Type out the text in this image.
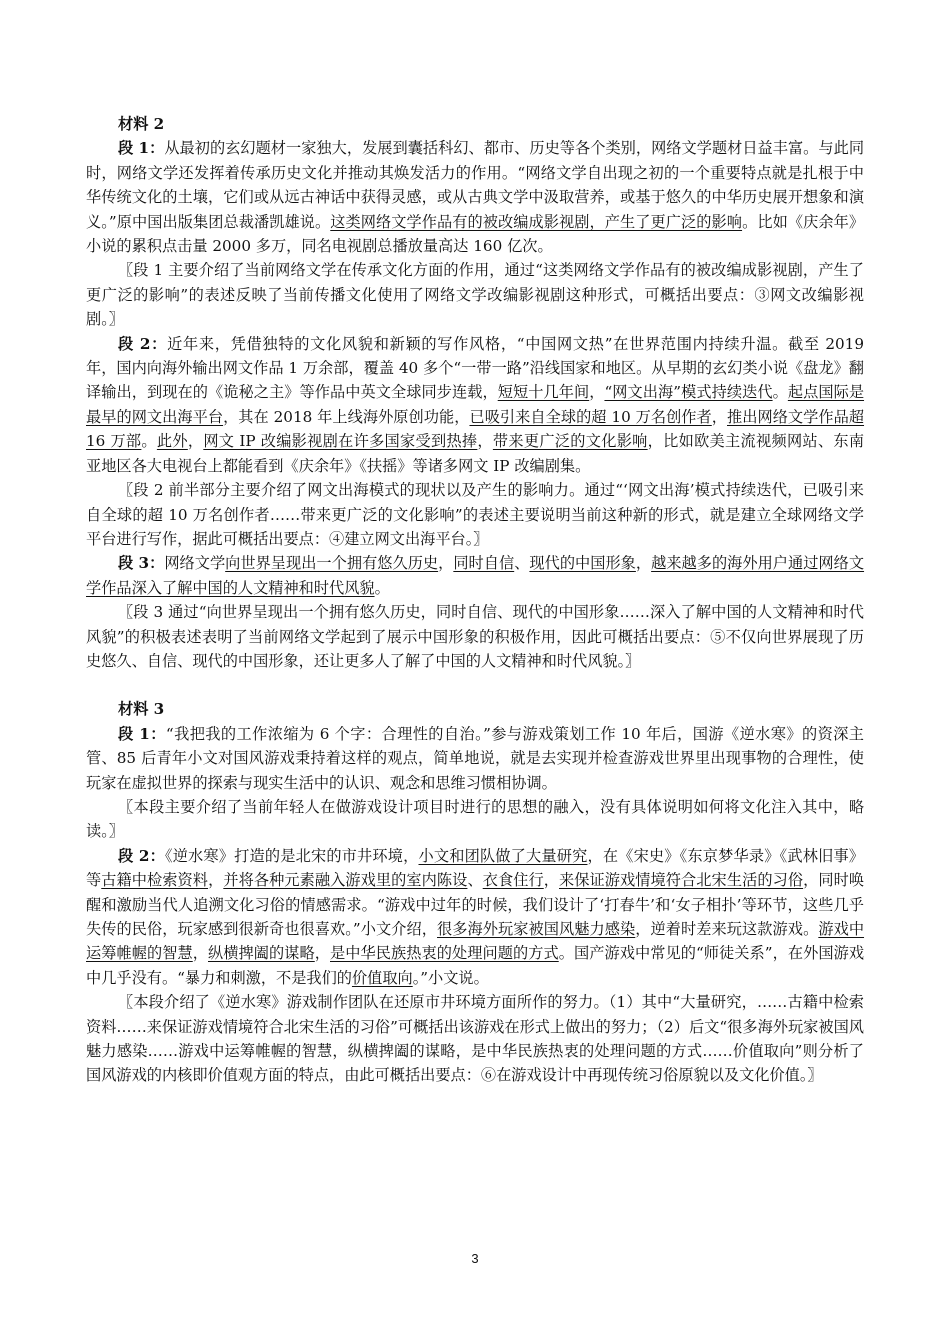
材料 2

段 1：从最初的玄幻题材一家独大，发展到囊括科幻、都市、历史等各个类别，网络文学题材日益丰富。与此同时，网络文学还发挥着传承历史文化并推动其焕发活力的作用。“网络文学自出现之初的一个重要特点就是扎根于中华传统文化的土壤，它们或从远古神话中获得灵感，或从古典文学中汲取营养，或基于悠久的中华历史展开想象和演义。”原中国出版集团总裁潘凯雄说。这类网络文学作品有的被改编成影视剧，产生了更广泛的影响。比如《庆余年》小说的累积点击量 2000 多万，同名电视剧总播放量高达 160 亿次。

〖段 1 主要介绍了当前网络文学在传承文化方面的作用，通过“这类网络文学作品有的被改编成影视剧，产生了更广泛的影响”的表述反映了当前传播文化使用了网络文学改编影视剧这种形式，可概括出要点：③网文改编影视剧。〗

段 2：近年来，凭借独特的文化风貌和新颖的写作风格，“中国网文热”在世界范围内持续升温。截至 2019 年，国内向海外输出网文作品 1 万余部，覆盖 40 多个“一带一路”沿线国家和地区。从早期的玄幻类小说《盘龙》翻译输出，到现在的《诡秘之主》等作品中英文全球同步连载，短短十几年间，“网文出海”模式持续迭代。起点国际是最早的网文出海平台，其在 2018 年上线海外原创功能，已吸引来自全球的超 10 万名创作者，推出网络文学作品超 16 万部。此外，网文 IP 改编影视剧在许多国家受到热捧，带来更广泛的文化影响，比如欧美主流视频网站、东南亚地区各大电视台上都能看到《庆余年》《扶摇》等诸多网文 IP 改编剧集。

〖段 2 前半部分主要介绍了网文出海模式的现状以及产生的影响力。通过“‘网文出海’模式持续迭代，已吸引来自全球的超 10 万名创作者……带来更广泛的文化影响”的表述主要说明当前这种新的形式，就是建立全球网络文学平台进行写作，据此可概括出要点：④建立网文出海平台。〗

段 3：网络文学向世界呈现出一个拥有悠久历史，同时自信、现代的中国形象，越来越多的海外用户通过网络文学作品深入了解中国的人文精神和时代风貌。

〖段 3 通过“向世界呈现出一个拥有悠久历史，同时自信、现代的中国形象……深入了解中国的人文精神和时代风貌”的积极表述表明了当前网络文学起到了展示中国形象的积极作用，因此可概括出要点：⑤不仅向世界展现了历史悠久、自信、现代的中国形象，还让更多人了解了中国的人文精神和时代风貌。〗

材料 3

段 1：“我把我的工作浓缩为 6 个字：合理性的自治。”参与游戏策划工作 10 年后，国游《逆水寒》的资深主管、85 后青年小文对国风游戏秉持着这样的观点，简单地说，就是去实现并检查游戏世界里出现事物的合理性，使玩家在虚拟世界的探索与现实生活中的认识、观念和思维习惯相协调。

〖本段主要介绍了当前年轻人在做游戏设计项目时进行的思想的融入，没有具体说明如何将文化注入其中，略读。〗

段 2：《逆水寒》打造的是北宋的市井环境，小文和团队做了大量研究，在《宋史》《东京梦华录》《武林旧事》等古籍中检索资料，并将各种元素融入游戏里的室内陈设、衣食住行，来保证游戏情境符合北宋生活的习俗，同时唤醒和激励当代人追溯文化习俗的情感需求。“游戏中过年的时候，我们设计了‘打春牛’和‘女子相扑’等环节，这些几乎失传的民俗，玩家感到很新奇也很喜欢。”小文介绍，很多海外玩家被国风魅力感染，逆着时差来玩这款游戏。游戏中运筹帷幄的智慧，纵横捭阖的谋略，是中华民族热衷的处理问题的方式。国产游戏中常见的“师徒关系”，在外国游戏中几乎没有。“暴力和刺激，不是我们的价值取向。”小文说。

〖本段介绍了《逆水寒》游戏制作团队在还原市井环境方面所作的努力。（1）其中“大量研究，……古籍中检索资料……来保证游戏情境符合北宋生活的习俗”可概括出该游戏在形式上做出的努力；（2）后文“很多海外玩家被国风魅力感染……游戏中运筹帷幄的智慧，纵横捭阖的谋略，是中华民族热衷的处理问题的方式……价值取向”则分析了国风游戏的内核即价值观方面的特点，由此可概括出要点：⑥在游戏设计中再现传统习俗原貌以及文化价值。〗

3
